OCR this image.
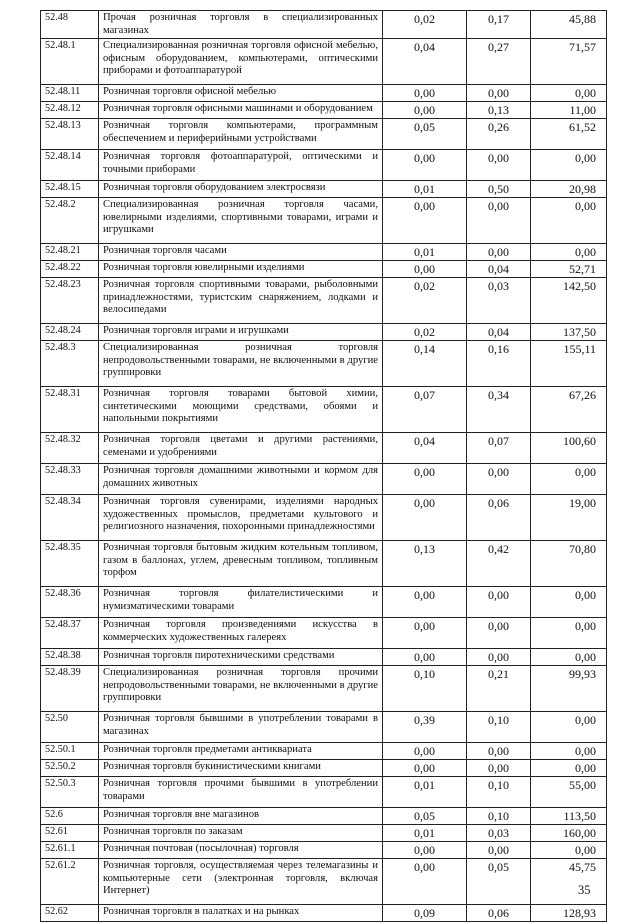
52.48	Прочая розничная торговля в специализированных магазинах	0,02	0,17	45,88
52.48.1	Специализированная розничная торговля офисной мебелью, офисным оборудованием, компьютерами, оптическими приборами и фотоаппаратурой	0,04	0,27	71,57
52.48.11	Розничная торговля офисной мебелью	0,00	0,00	0,00
52.48.12	Розничная торговля офисными машинами и оборудованием	0,00	0,13	11,00
52.48.13	Розничная торговля компьютерами, программным обеспечением и периферийными устройствами	0,05	0,26	61,52
52.48.14	Розничная торговля фотоаппаратурой, оптическими и точными приборами	0,00	0,00	0,00
52.48.15	Розничная торговля оборудованием электросвязи	0,01	0,50	20,98
52.48.2	Специализированная розничная торговля часами, ювелирными изделиями, спортивными товарами, играми и игрушками	0,00	0,00	0,00
52.48.21	Розничная торговля часами	0,01	0,00	0,00
52.48.22	Розничная торговля ювелирными изделиями	0,00	0,04	52,71
52.48.23	Розничная торговля спортивными товарами, рыболовными принадлежностями, туристским снаряжением, лодками и велосипедами	0,02	0,03	142,50
52.48.24	Розничная торговля играми и игрушками	0,02	0,04	137,50
52.48.3	Специализированная розничная торговля непродовольственными товарами, не включенными в другие группировки	0,14	0,16	155,11
52.48.31	Розничная торговля товарами бытовой химии, синтетическими моющими средствами, обоями и напольными покрытиями	0,07	0,34	67,26
52.48.32	Розничная торговля цветами и другими растениями, семенами и удобрениями	0,04	0,07	100,60
52.48.33	Розничная торговля домашними животными и кормом для домашних животных	0,00	0,00	0,00
52.48.34	Розничная торговля сувенирами, изделиями народных художественных промыслов, предметами культового и религиозного назначения, похоронными принадлежностями	0,00	0,06	19,00
52.48.35	Розничная торговля бытовым жидким котельным топливом, газом в баллонах, углем, древесным топливом, топливным торфом	0,13	0,42	70,80
52.48.36	Розничная торговля филателистическими и нумизматическими товарами	0,00	0,00	0,00
52.48.37	Розничная торговля произведениями искусства в коммерческих художественных галереях	0,00	0,00	0,00
52.48.38	Розничная торговля пиротехническими средствами	0,00	0,00	0,00
52.48.39	Специализированная розничная торговля прочими непродовольственными товарами, не включенными в другие группировки	0,10	0,21	99,93
52.50	Розничная торговля бывшими в употреблении товарами в магазинах	0,39	0,10	0,00
52.50.1	Розничная торговля предметами антиквариата	0,00	0,00	0,00
52.50.2	Розничная торговля букинистическими книгами	0,00	0,00	0,00
52.50.3	Розничная торговля прочими бывшими в употреблении товарами	0,01	0,10	55,00
52.6	Розничная торговля вне магазинов	0,05	0,10	113,50
52.61	Розничная торговля по заказам	0,01	0,03	160,00
52.61.1	Розничная почтовая (посылочная) торговля	0,00	0,00	0,00
52.61.2	Розничная торговля, осуществляемая через телемагазины и компьютерные сети (электронная торговля, включая Интернет)	0,00	0,05	45,75
52.62	Розничная торговля в палатках и на рынках	0,09	0,06	128,93
35
